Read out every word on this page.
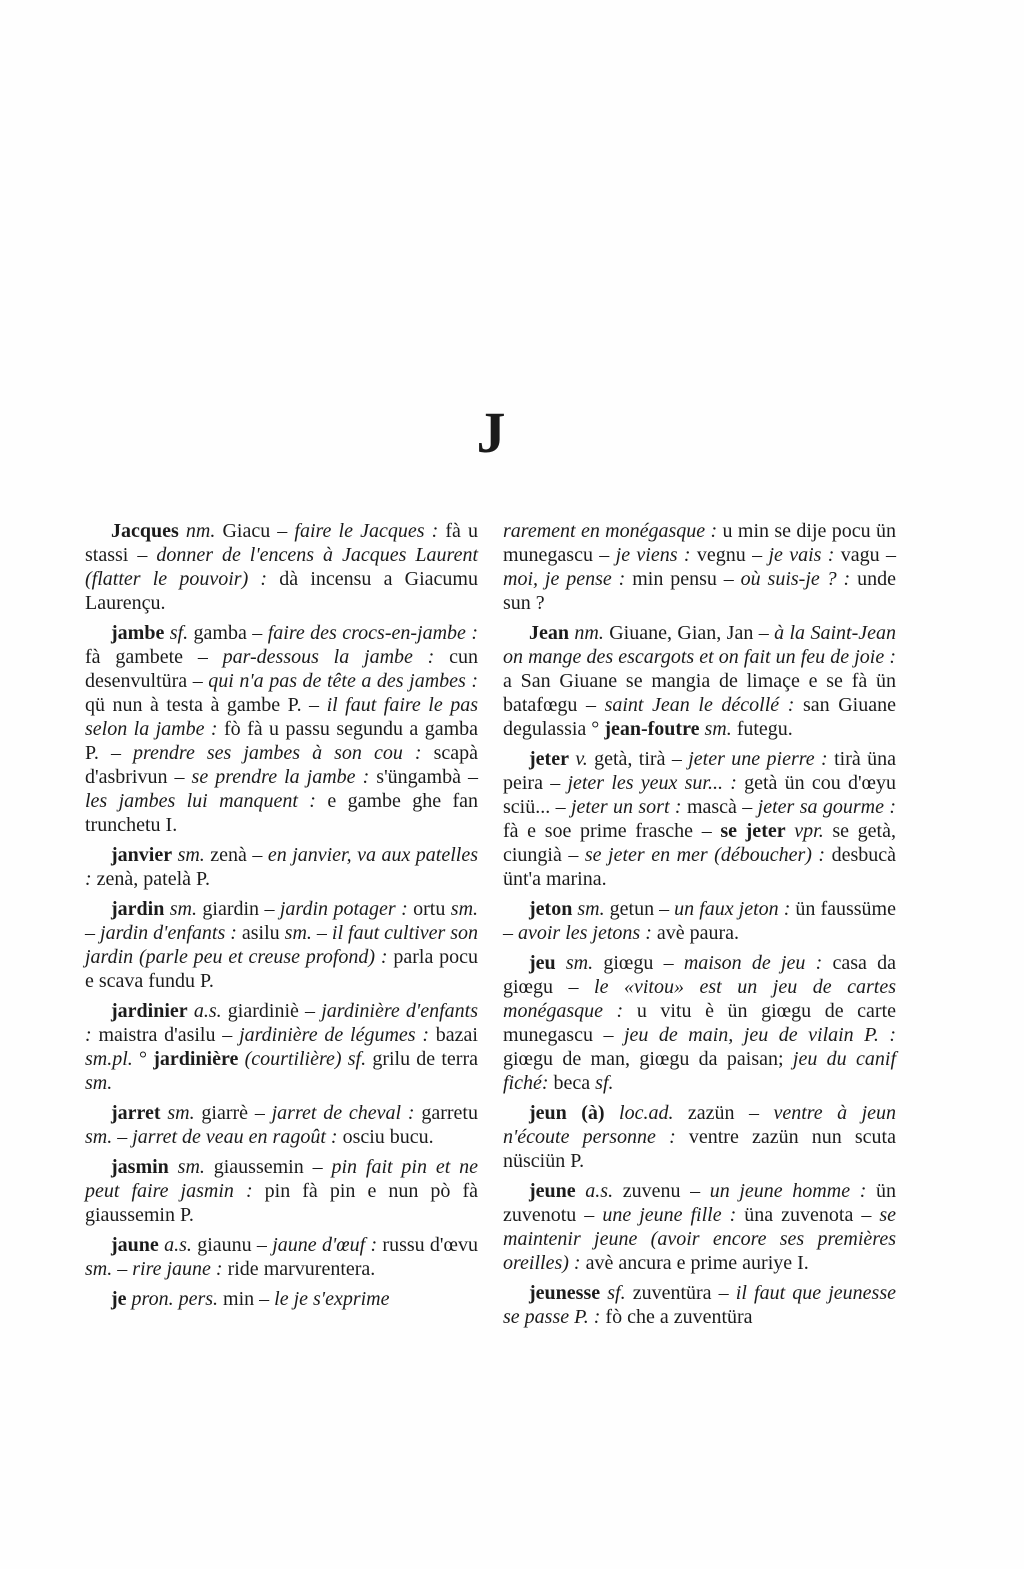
J

Jacques nm. Giacu – faire le Jacques : fà u stassi – donner de l'encens à Jacques Laurent (flatter le pouvoir) : dà incensu a Giacumu Laurençu.

jambe sf. gamba – faire des crocs-en-jambe : fà gambete – par-dessous la jambe : cun desenvultüra – qui n'a pas de tête a des jambes : qü nun à testa à gambe P. – il faut faire le pas selon la jambe : fò fà u passu segundu a gamba P. – prendre ses jambes à son cou : scapà d'asbrivun – se prendre la jambe : s'üngambà – les jambes lui manquent : e gambe ghe fan trunchetu I.

janvier sm. zenà – en janvier, va aux patelles : zenà, patelà P.

jardin sm. giardin – jardin potager : ortu sm. – jardin d'enfants : asilu sm. – il faut cultiver son jardin (parle peu et creuse profond) : parla pocu e scava fundu P.

jardinier a.s. giardiniè – jardinière d'enfants : maistra d'asilu – jardinière de légumes : bazai sm.pl. ° jardinière (courtilière) sf. grilu de terra sm.

jarret sm. giarrè – jarret de cheval : garretu sm. – jarret de veau en ragoût : osciu bucu.

jasmin sm. giaussemin – pin fait pin et ne peut faire jasmin : pin fà pin e nun pò fà giaussemin P.

jaune a.s. giaunu – jaune d'œuf : russu d'œvu sm. – rire jaune : ride marvurentera.

je pron. pers. min – le je s'exprime

rarement en monégasque : u min se dije pocu ün munegascu – je viens : vegnu – je vais : vagu – moi, je pense : min pensu – où suis-je ? : unde sun ?

Jean nm. Giuane, Gian, Jan – à la Saint-Jean on mange des escargots et on fait un feu de joie : a San Giuane se mangia de limaçe e se fà ün batafœgu – saint Jean le décollé : san Giuane degulassia ° jean-foutre sm. futegu.

jeter v. getà, tirà – jeter une pierre : tirà üna peira – jeter les yeux sur... : getà ün cou d'œyu sciü... – jeter un sort : mascà – jeter sa gourme : fà e soe prime frasche – se jeter vpr. se getà, ciungià – se jeter en mer (déboucher) : desbucà ünt'a marina.

jeton sm. getun – un faux jeton : ün faussüme – avoir les jetons : avè paura.

jeu sm. giœgu – maison de jeu : casa da giœgu – le «vitou» est un jeu de cartes monégasque : u vitu è ün giœgu de carte munegascu – jeu de main, jeu de vilain P. : giœgu de man, giœgu da paisan; jeu du canif fiché: beca sf.

jeun (à) loc.ad. zazün – ventre à jeun n'écoute personne : ventre zazün nun scuta nüsciün P.

jeune a.s. zuvenu – un jeune homme : ün zuvenotu – une jeune fille : üna zuvenota – se maintenir jeune (avoir encore ses premières oreilles) : avè ancura e prime auriye I.

jeunesse sf. zuventüra – il faut que jeunesse se passe P. : fò che a zuventüra
